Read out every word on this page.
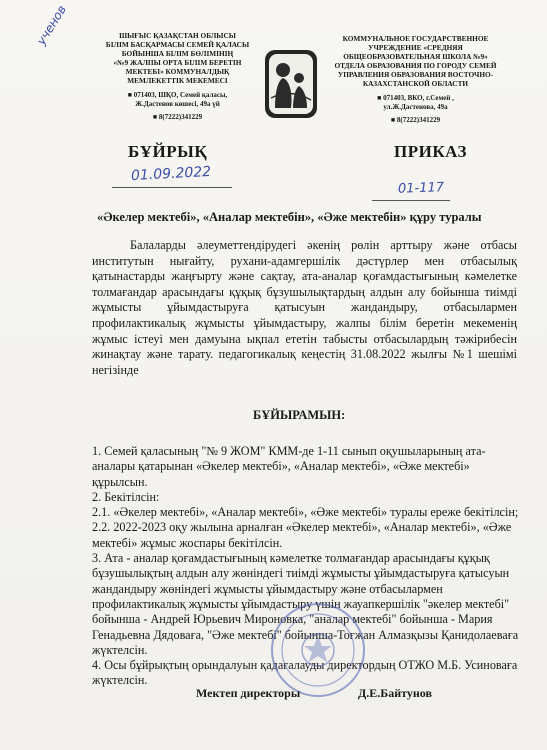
ученов	ШЫҒЫС ҚАЗАҚСТАН ОБЛЫСЫ
БІЛІМ БАСҚАРМАСЫ СЕМЕЙ ҚАЛАСЫ
БОЙЫНША БІЛІМ БӨЛІМІНІҢ
«№9 ЖАЛПЫ ОРТА БІЛІМ БЕРЕТІН
МЕКТЕБІ» КОММУНАЛДЫҚ
МЕМЛЕКЕТТІК МЕКЕМЕСІ
■ 071403, ШҚО, Семей қаласы,
Ж.Дастенов көшесі, 49а үй
■ 8(7222)341229
КОММУНАЛЬНОЕ ГОСУДАРСТВЕННОЕ
УЧРЕЖДЕНИЕ «СРЕДНЯЯ
ОБЩЕОБРАЗОВАТЕЛЬНАЯ ШКОЛА №9»
ОТДЕЛА ОБРАЗОВАНИЯ ПО ГОРОДУ СЕМЕЙ
УПРАВЛЕНИЯ ОБРАЗОВАНИЯ ВОСТОЧНО-
КАЗАХСТАНСКОЙ ОБЛАСТИ
■ 071403, ВКО, г.Семей ,
ул.Ж.Дастенова, 49а
■ 8(7222)341229
БҰЙРЫҚ	ПРИКАЗ
01.09.2022
01-117
«Әкелер мектебі», «Аналар мектебін», «Әже мектебін» құру туралы
Балаларды әлеуметтендірудегі әкенің рөлін арттыру және отбасы институтын нығайту, рухани-адамгершілік дәстүрлер мен отбасылық қатынастарды жаңғырту және сақтау, ата-аналар қоғамдастығының кәмелетке толмағандар арасындағы құқық бұзушылықтардың алдын алу бойынша тиімді жұмысты ұйымдастыруға қатысуын жандандыру, отбасылармен профилактикалық жұмысты ұйымдастыру, жалпы білім беретін мекеменің жұмыс істеуі мен дамуына ықпал ететін табысты отбасылардың тәжірибесін жинақтау және тарату. педагогикалық кеңестің 31.08.2022 жылғы №1 шешімі негізінде
БҰЙЫРАМЫН:

1. Семей қаласының "№ 9 ЖОМ" КММ-де 1-11 сынып оқушыларының ата-аналары қатарынан «Әкелер мектебі», «Аналар мектебі», «Әже мектебі» құрылсын.

2. Бекітілсін:

2.1. «Әкелер мектебі», «Аналар мектебі», «Әже мектебі» туралы ереже бекітілсін;

2.2. 2022-2023 оқу жылына арналған «Әкелер мектебі», «Аналар мектебі», «Әже мектебі» жұмыс жоспары бекітілсін.

3. Ата - аналар қоғамдастығының кәмелетке толмағандар арасындағы құқық бұзушылықтың алдын алу жөніндегі тиімді жұмысты ұйымдастыруға қатысуын жандандыру жөніндегі жұмысты ұйымдастыру және отбасылармен профилактикалық жұмысты ұйымдастыру үшін жауапкершілік "әкелер мектебі" бойынша - Андрей Юрьевич Мироновка, "аналар мектебі" бойынша - Мария Генадьевна Дядоваға, "Әже мектебі" бойынша-Тоғжан Алмазқызы Қанидолаеваға жүктелсін.

4. Осы бұйрықтың орындалуын қадағалауды директордың ОТЖО М.Б. Усиноваға жүктелсін.

Мектеп директоры	Д.Е.Байтунов
